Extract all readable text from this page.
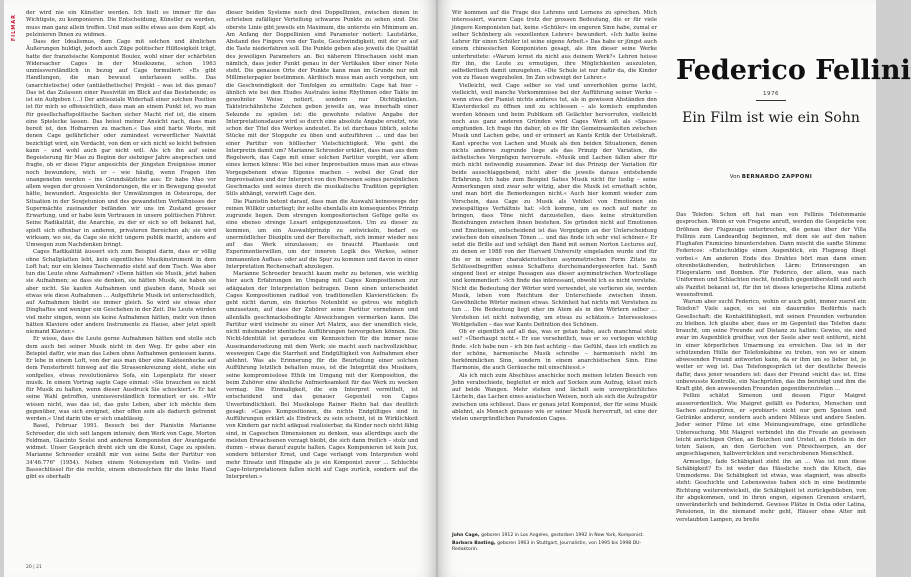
FILMAR

der wird nie ein Künstler werden. Ich hielt es immer für das Wichtigste, zu komponieren. Die Entscheidung, Künstler zu werden, muss man ganz allein treffen. Und man sollte etwas aus dem Kopf, als pelzinieren Ihnen zu widmen.

Dass der Idealismus, dem Cage mit solchen und ähnlichen Äußerungen huldigt, jedoch auch Züge politischer Hilflosigkeit trägt, hatte der französische Komponist Boulez, wohl einer der schärfsten Widersacher Cages in der Musikszene, schon 1963 unmissverständlich in bezug auf Cage formuliert: »Es gibt Handlungen, die man bewusst unterlassen sollte. Das (anarchistische) oder (antiästhetische) Projekt – was ist das genau? Das ist das Zulassen einer Passivität im Blick auf das Bestehende; es ist ein Aufgeben (…) Der antisoziale Widerhall einer solchen Position ist für mich so offensichtlich, dass man an einem Punkt ist, wo man für gesellschaftspolitische Sachen sicher Macht rief ist, die einem eine Spielecke lassen. Das heisst meiner Ansicht nach, dass man bereit ist, den Hofnarren zu machen.« Das sind harte Worte, mit denen Cage gefährlicher oder zumindest verwerflicher Naivität bezichtigt wird, ein Verdacht, von dem er sich nicht so leicht befreien kann – und wohl auch gar nicht will. Als ich ihn auf seine Begeisterung für Mao zu Beginn der siebziger Jahre ansprechen und fragte, ob er diese Figur angesichts der jüngsten Ereignisse immer noch bewundere, wich er – wie häufig, wenn Fragen ihm unangenehm werden – ins Grundsätzliche aus: Er habe Mao vor allem wegen der grossen Veränderungen, die er in Bewegung gesetzt hätte, bewundert. Angesichts der Umwälzungen in Osteuropa, der Situation in der Sowjetunion und des gewandelten Verhältnisses der Supermächte zueinander befänden wir uns im Zustand grosser Erwartung, und er habe kein Vertrauen in unsere politischen Führer. Seine Radikalität, die Anarchie, zu der er sich so oft bekannt hat, spielt sich offenbar in anderen, privateren Bereichen ab; sie wird wirksam, wo sie, da Cage sie nicht ungern publik macht, andere auf Umwegen zum Nachdenken bringt.

Cages Radikalität äussert sich zum Beispiel darin, dass er völlig ohne Schallplatten lebt, kein eigentliches Musikinstrument in dem Loft hat; nur ein kleines Taschenradio steht auf dem Tisch. Was aber tun die Leute ohne Aufnahmen? »Denn hätten sie Musik, jetzt haben sie Aufnahmen; so dass sie denken, sie hätten Musik, sie haben sie aber nicht. Sie kaufen Aufnahmen und glauben dann, Musik sei etwas wie diese Aufnahmen … Aufgeführte Musik ist unterschiedlich, auf Aufnahmen bleibt sie immer gleich. So wird sie etwas eher Dinghaftes und weniger ein Geschehen in der Zeit. Die Leute würden viel mehr singen, wenn sie keine Aufnahmen hätten, mehr von ihnen hätten Klaviere oder andere Instrumente zu Hause, aber jetzt spielt niemand Klavier.«

Er wisse, dass die Leute gerne Aufnahmen hätten und stelle sich dem auch bei seiner Musik nicht in den Weg. Er gebe aber ein Beispiel dafür, wie man das Leben ohne Aufnahmen geniessen kanns. Er lebe in einem Loft, von der aus man über eine Kakteenhecke auf dem Fensterbrett hinweg auf die Strassenkreuzung sieht, stehe ein sonfgelies, etwas revolutionäres Sofa, ein Lopenplatz für sieser musik. In einem Vortrag sagte Cage einmal: »Sie brauchen es nicht für Musik zu halten, wenn dieser Ausdruck Sie schockiert.« Er hat seine Wahl getroffen, unmissverständlich formuliert er sie. »Wir wissen nicht, was das ist, das gute Leben, aber ich möchte dem gegenüber, was sich ereignet, eher offen sein als dadurch getrennt werden.« Und darin übe er sich unablässig.

Basel, Februar 1991. Besuch bei der Pianistin Marianne Schroeder, die sich seit langem intensiv, dem Werk von Cage, Morton Feldman, Giacinto Scelsi und anderen Komponisten der Avantgarde widmet. Unser Gespräch dreht sich um die Kunst, Cage zu spielen. Marianne Schroeder erzählt mir von seine Seite der Partitur von 34'46.776" (1954). Neben einem Notensystem mit Violin- und Bassschlüssel für die rechte, einem ebensolchen für die linke Hand gibt es oberhalb

dieser beiden Systeme noch drei Doppellinien, zwischen denen in schrieben zufälliger Verteilung schwarze Punkte zu sehen sind. Die oberste Linie gibt jeweils ein Maximum, die unterste ein Minimum an. Am Anfang der Doppellinien sind Parameter notiert: Lautstärke, Abstand des Fingers von der Taste, Geschwindigkeit, mit der er auf die Taste niederfahren soll. Die Punkte geben also jeweils die Qualität des jeweiligen Parameters an. Bei näherem Hinschauen sieht man nämlich, dass jeder Punkt genau in der Vertikalen über einer Note steht. Die genauen Orte der Punkte kann man im Grunde nur mit Millimeterpapier bestimmen. Akribisch muss man auch vorgehen, um die Geschwindigkeit der Tonfolgen zu ermitteln: Cage hat hier – ähnlich wie bei den Etudes Australes keine Rhythmen oder Takte im gewohnter Weise notiert, sondern nur Dichtigkeiten. Taktstrichähnliche Zeichen geben jeweils an, was innerhalb einer Sekunde zu spielen ist: die gewohnte relative Angabe der Interpretationsdauer wird so durch eine absolute Angabe ersetzt, wie schon der Titel des Werkes andeutet. Es ist durchaus üblich, solche Stücke mit der Stoppuhr zu üben und aufzuführen … und das bei einer Partitur von höllischer Vielschichtigkeit. Wie geht die Interpretin damit um? Marianne Schroeder erklärt, dass man aus dem Regelwerk, das Cage mit einer solchen Partitur vorgibt, vor allem eines lernen könne: Wie bei einer Improvisation muss man aus etwas Vorgegebenem etwas Eigenes machen – wobei der Grad der Improvisation und der Interpret von den Personen seines persönlichen Geschmacks und seines durch die musikalische Tradition geprägten Stils abhängt, verwirft Cage den.

Die Pianistin betont darauf, dass man die Auswahl keineswegs der reinen Willkür unterliegt; ihr sollte ebenfalls ein konsequentes Prinzip zugrunde liegen. Dem strengen kompositorischen Gefüge gelte es eine ebenso strenge Lesart entgegenzusetzen. Um zu dieser zu kommen, um ein Auswahlprinzip zu entwickeln, bedarf es unermüdlicher Disziplin und der Bereitschaft, sich immer wieder neu auf das Werk einzulassen; es braucht Phantasie und Experimentierwillen, um der inneren Logik des Werkes, seiner immanenten Aufbau- oder auf die Spur zu kommen und davon in einer Interpretation Rechenschaft abzulegen.

Marianne Schroeder braucht kaum mehr zu betonen, wie wichtig hier auch Erfahrungen im Umgang mit Cages Kompositionen zur adäquaten der Interpretation beitragen. Denn einen unterscheidet Cages Kompositionen radikal von traditionellen Klavierstücken: Es geht nicht darum, ein fixiertes Notenbild so getreu wie möglich umzusetzen, auf dass der Zuhörer seine Partitur vornehmen und allenfalls geschmacksbedingte Abweichungen vermerken kann. Die Partitur wird vielmehr zu einer Art Matrix, aus der unendlich viele, nicht miteinander identische Aufführungen hervorgehen können. Die Nicht-Identität ist geradezu ein Kennzeichen für die immer neue Auseinandersetzung mit dem Werk; sie macht auch nachvollziehbar, weswegen Cage die Starrheit und Endgültigkeit von Aufnahmen eher ablehnt. Was als Erinnerung für die Beurteilung einer solchen Aufführung letztlich behalten muss, ist die Integrität des Musikers, seine kompromisslose Ethik im Umgang mit der Komposition, die beim Zuhörer eine ähnliche Aufmerksamkeit für das Werk zu wecken vermag. Die Einmaligkeit, die ein Interpret vermittelt, ist entscheidend und das genauer Gegenteil von Cages Unverbindlichkeit. Bei Musikologe Rainer Riehn hat das deutlich gesagt: »Cages Kompositionen, die nichts Endgültiges sind in Aufführungen erklärt als Eindruck zu sein scheint, ist in Wirklichkeit von Kindern gar nicht adäquat realisierbar, da Kinder noch nicht fähig sind, in Cageschen Dimensionen zu denken, was allerdings auch die meisten Erwachsenen verzagt bleibt, die sich dann freilich – stolz und dumm – etwas darauf zugute halten. Cages Komponieren ist kein Jux, sondern bitterster Ernst, und Cage verlangt vom Interpreten wohl mehr Einsatz und Hingabe als je ein Komponist zuvor … Schlechte Cage-Interpretationen fallen nicht auf Cage zurück, sondern auf die Interpreten.»

20 | 21

Wir kommen auf die Frage des Lehrens und Lernens zu sprechen. Mich interessiert, warum Cage trotz der grossen Bedeutung, die er für viele jüngere Komponisten hat, keine »Schüler« im engeren Sinn habe, zumal er selber Schönberg als »exzellenten Lehrer« bewundert. »Ich hatte keine Lehrer für einen Schüler ist seine eigene Arbeit.« Das habe er jüngst auch einem chinesischen Komponisten gesagt, als ihm dieser seine Werke unterbreitete: »Warum lernst du nicht aus deinem Werk?« Lehren heisse für ihn, die Leute zu ermutigen, ihre Möglichkeiten auszuloten, selbstkritisch damit umzugehen. »Die Schule ist nur dafür da, die Kinder von zu Hause wegzuholen. Im Zen schweigt der Lehrer.«

Vielleicht, weil Cage selber so viel und unverhohlen gerne lacht, vielleicht, weil manche Vorkommnisse bei der Aufführung seiner Werke – wenn etwa der Pianist nichts anderes tut, als in gewissen Abständen den Klavierdeckel zu öffnen und zu schliessen – als komisch empfunden werden können und beim Publikum oft Gelächter hervorrufen, vielleicht noch aus ganz anderen Gründen wird Cages Werk oft als »Spass« empfunden. Ich frage ihn daher, ob es für ihn Gemeinsamkeiten zwischen Musik und Lachen gebe, und er erinnert an Kants Kritik der Urteilskraft. Kant spreche von Lachen und Musik als den beiden Situationen, denen nichts anderes zugrunde liege als das Prinzip der Variation, die ästhetisches Vergnügen hervorrufe. »Musik und Lachen fallen aber für mich nicht notwendig zusammen. Zwar ist das Prinzip der Variation für beide ausschlaggebend, nicht aber die jeweils daraus entstehende Erfahrung. Ich habe zum Beispiel Saties Musik nicht für lustig – seine Anmerkungen sind zwar sehr witzig, aber die Musik ist ernsthaft schön, und man hört die Bemerkungen nicht.« Auch hier kommt wieder zum Vorschein, dass Cage zu Musik als Vehikel von Emotionen ein zwiespältiges Verhältnis hat: »Ich komme, um es noch auf mehr zu bringen, dass Töne nicht darzustellen, dass keine strukturellen Beziehungen zwischen ihnen bestehen. Sie gründen nicht auf Emotionen und Emotionen, entscheidend ist das Vergnügen an der Unterscheidung zwischen den einzelnen Tönen … und das finde ich sehr viel schöner.« Er setzt die Brille auf und schlägt den Band mit seinen Norton Lectures auf, zu denen er 1988 von der Harvard University eingeladen wurde und für die er in seiner charakteristischen asymmetrischen Form Zitate zu Schlüsselbegriffen seines Schaffens durcheinandergeworfen hat. Sanft singend liest er einige Passagen aus dieser asymmetrischen Wortcollage und kommentiert: »Ich finde das interessant, obwohl ich es nicht verstehe. Nicht die Bedeutung der Wörter wird verwendet, sie verlieren sie, werden Musik, leben vom Reichtum der Unterschiede zwischen ihnen. Gewöhnliche Wörter meinen etwas. Schönheit hat nichts mit Verstehen zu tun … Die Bedeutung liegt eher im Atem als in den Wörtern selber … Verstehen ist nicht notwendig, um etwas zu schätzen.« Interesseloses Wohlgefallen – das war Kants Definition des Schönen.

Ob er eigentlich auf all das, was er getan habe, auch manchmal stolz sei? »Überhaupt nicht.« Er sue versehntlich, was er so verlogen wichtig finde. »Ich habe nun – ich bin fast achtzig – das Gefühl, dass ich endlich zu der schöne, harmonische Musik schreibe – harmonisch nicht im herkömmlichen Sinn, sondern in einem anarchistischen Sinn. Eine Harmonie, die auch Geräusche mit einschliesst.»

Als ich mich zum Abschluss anschicke noch meinen letzten Besuch von John verabschiede, begleitet er mich auf Socken zum Aufzug, küsst mich auf beide Wangen. Mehr stehen und lächelt sein unvergleichliches Lächeln, das Lachen eines asiatischen Weisen, noch als sich die Aufzugstür zwischen uns schliesst. Dass er genau jetzt Komponist, der für seine Musik ablehnt, als Mensch genauso wie er seiner Musik herverruft, ist eine der vielen unergründlichen Paradoxien Cages.

John Cage, geboren 1912 in Los Angeles, gestorben 1992 in New York, Komponist.

Barbara Basting, geboren 1963 in Stuttgart, Journalistin, von 1995 bis 1998 DU-Redaktorin.

Federico Fellini
1976
Ein Film ist wie ein Sohn
Von BERNARDO ZAPPONI

Das Telefon: Schon oft hat man von Fellinis Telefonmanie gesprochen. Wenn er von Fregene anruft, werden die Gespräche von Dröhnen der Flugzeuge unterbrochen, die genau über der Villa Fellinis zum Landeanflug beginnen, mit dem sie auf den nahen Flughafen Fiumicino hinunterstehen. Dann mischt die sanfte Stimme Federicos: »Entschuldige einen Augenblick, ein Flugzeug fliegt vorbei.« Am anderen Ende des Drahtes hört man dann einen ohrenbetäubenden, bedrohlichen Lärm: Erinnerungen an Fliegeralarm und Bomben. Für Federico, der allem, was nach Uniformen und Schlachten riecht, feindlich gegenüberstellt und auch als Pazifist bekannt ist, für ihn ist dieses kriegerische Klima zutiefst wesensfremd.

Warum aber sucht Federico, wohin er auch geht, immer zuerst ein Telefon? Viele sagen, es sei ein dauerndes Bedürfnis nach Gesellschaft: die Kontaktfähigkeit, mit seinen Freunden verbunden zu bleiben. Ich glaube aber, dass er im Gegenteil das Telefon dazu braucht, um seine Freunde auf Distanz zu halten: Gewiss, sie sind zwar im Augenblick greifbar, von der Seele aber weit entfernt, nicht in einer körperlichen Umarmung zu erreichen. Das ist in der schützenden Hülle der Telefonkabine zu treten, von wo er einem abwesenden Freund antworten kann, da er ihm um so lieber ist, je weiter er weg ist. Das Telefongespräch ist der deutliche Beweis dafür, dass jener woanders ist: dass der Freund »nicht da« ist. Eine unbewusste Kontrolle, ein Nachprüfen, das ihn beruhigt und ihm die Kraft gibt, den anwesenden Freunden gegenüberzutreten …

Fellini schätzt Simenon und dessen Figur Maigret ausserordentlich. Wie Maigret gefällt es Federico, Menschen und Sachen aufzuspüren, er »probiert« nicht nur gern Speisen und Getränke anderer, sondern auch andere Milieus und andere Seelen. Jeder seiner Filme ist eine Meinungsumfrage, eine gründliche Untersuchung. Mit Maigret verbindet ihn die Freude an gewissen leicht anrüchigen Orten, an Beizchen und Ursteil, an Hotels in der toten Saison, an den Gerüchen von Pfirsichsorpen, an der angeschlagenen, halbverrückten und verschrobenen Menschheit.

Armselige, fade Schäbigkeit zieht ihn an … Was ist nun diese Schäbigkeit? Es ist weder das Hässliche noch die Kitsch, das Ummoderne. Die Schäbigkeit ist etwas, was stagniert, was abseits steht: Geschichte und Lebensweise haben sich in eine bestimmte Richtung weiterentwickelt, die Schäbigkeit ist zurückgeblieben, von ihr abgekommen, und in ihren engen, eigenen Grenzen erstarrt, unveränderlich und behindernd. Gewisse Plätze in Ostia oder Latina, Pensionen, in die niemand mehr geht, Häuser ohne Alter mit verstaubten Lampen, zu breite
